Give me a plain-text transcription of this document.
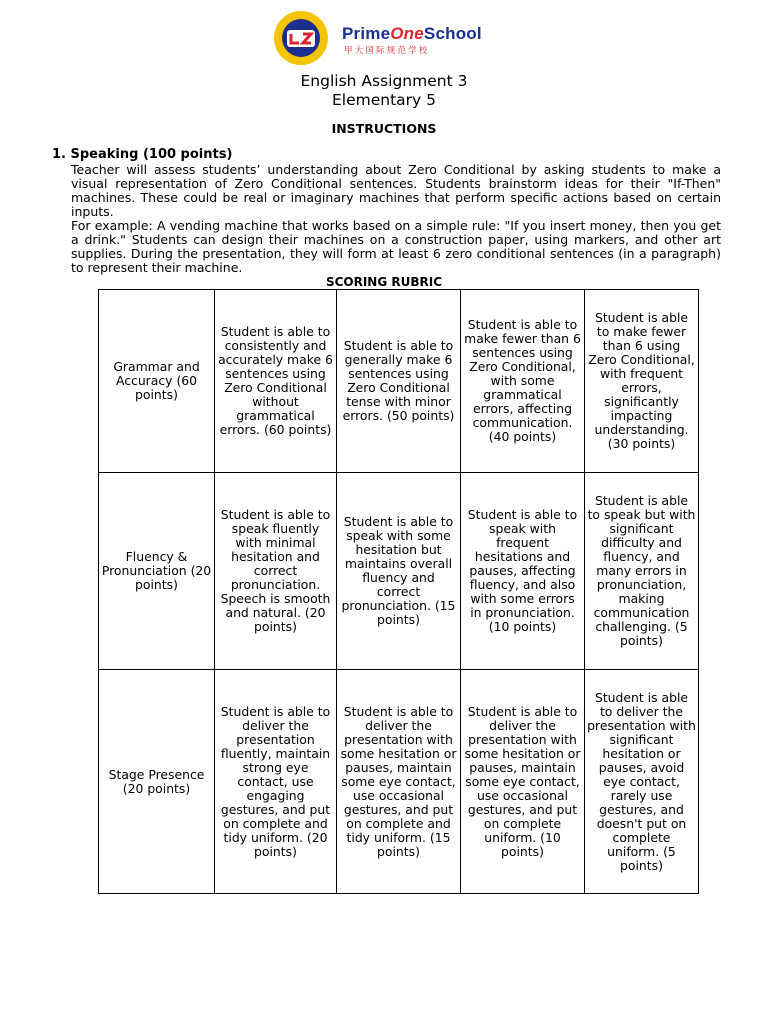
PrimeOneSchool
甲大国际规范学校
English Assignment 3
Elementary 5
INSTRUCTIONS
1. Speaking (100 points)

Teacher will assess students’ understanding about Zero Conditional by asking students to make a visual representation of Zero Conditional sentences. Students brainstorm ideas for their "If-Then" machines. These could be real or imaginary machines that perform specific actions based on certain inputs.

For example: A vending machine that works based on a simple rule: "If you insert money, then you get a drink." Students can design their machines on a construction paper, using markers, and other art supplies. During the presentation, they will form at least 6 zero conditional sentences (in a paragraph) to represent their machine.

SCORING RUBRIC
Grammar and Accuracy (60 points)	Student is able to consistently and accurately make 6 sentences using Zero Conditional without grammatical errors. (60 points)	Student is able to generally make 6 sentences using Zero Conditional tense with minor errors. (50 points)	Student is able to make fewer than 6 sentences using Zero Conditional, with some grammatical errors, affecting communication. (40 points)	Student is able to make fewer than 6 using Zero Conditional, with frequent errors, significantly impacting understanding. (30 points)
Fluency & Pronunciation (20 points)	Student is able to speak fluently with minimal hesitation and correct pronunciation. Speech is smooth and natural. (20 points)	Student is able to speak with some hesitation but maintains overall fluency and correct pronunciation. (15 points)	Student is able to speak with frequent hesitations and pauses, affecting fluency, and also with some errors in pronunciation. (10 points)	Student is able to speak but with significant difficulty and fluency, and many errors in pronunciation, making communication challenging. (5 points)
Stage Presence (20 points)	Student is able to deliver the presentation fluently, maintain strong eye contact, use engaging gestures, and put on complete and tidy uniform. (20 points)	Student is able to deliver the presentation with some hesitation or pauses, maintain some eye contact, use occasional gestures, and put on complete and tidy uniform. (15 points)	Student is able to deliver the presentation with some hesitation or pauses, maintain some eye contact, use occasional gestures, and put on complete uniform. (10 points)	Student is able to deliver the presentation with significant hesitation or pauses, avoid eye contact, rarely use gestures, and doesn't put on complete uniform. (5 points)
